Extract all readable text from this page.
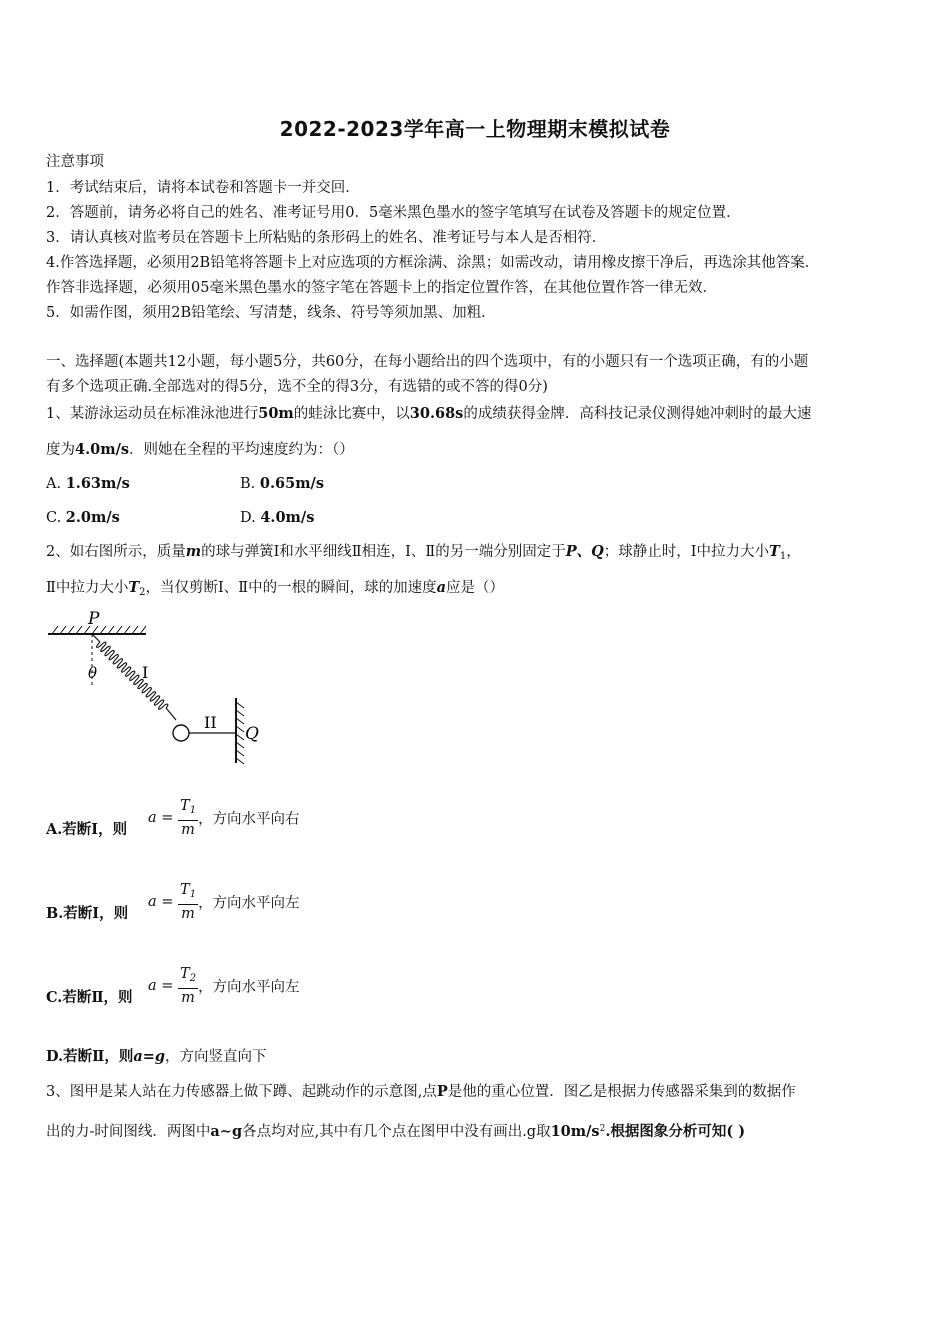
2022-2023学年高一上物理期末模拟试卷
注意事项
1．考试结束后，请将本试卷和答题卡一并交回．
2．答题前，请务必将自己的姓名、准考证号用0．5毫米黑色墨水的签字笔填写在试卷及答题卡的规定位置．
3．请认真核对监考员在答题卡上所粘贴的条形码上的姓名、准考证号与本人是否相符．
4.作答选择题，必须用2B铅笔将答题卡上对应选项的方框涂满、涂黑；如需改动，请用橡皮擦干净后，再选涂其他答案．
作答非选择题，必须用05毫米黑色墨水的签字笔在答题卡上的指定位置作答，在其他位置作答一律无效．
5．如需作图，须用2B铅笔绘、写清楚，线条、符号等须加黑、加粗．
一、选择题(本题共12小题，每小题5分，共60分，在每小题给出的四个选项中，有的小题只有一个选项正确，有的小题
有多个选项正确.全部选对的得5分，选不全的得3分，有选错的或不答的得0分)
1、某游泳运动员在标准泳池进行50m的蛙泳比赛中，以30.68s的成绩获得金牌．高科技记录仪测得她冲刺时的最大速
度为4.0m/s．则她在全程的平均速度约为：（）
A. 1.63m/s	B. 0.65m/s
C. 2.0m/s	D. 4.0m/s
2、如右图所示，质量m的球与弹簧Ⅰ和水平细线Ⅱ相连，Ⅰ、Ⅱ的另一端分别固定于P、Q；球静止时，Ⅰ中拉力大小$T_1$，
Ⅱ中拉力大小$T_2$，当仅剪断Ⅰ、Ⅱ中的一根的瞬间，球的加速度a应是（）
P
θ	I
II
Q
A.若断Ⅰ，则
$a = \frac{T_1}{m}$ ，方向水平向右
B.若断Ⅰ，则
$a = \frac{T_1}{m}$ ，方向水平向左
C.若断Ⅱ，则
$a = \frac{T_2}{m}$ ，方向水平向左
D.若断Ⅱ，则a=g，方向竖直向下
3、图甲是某人站在力传感器上做下蹲、起跳动作的示意图,点P是他的重心位置．图乙是根据力传感器采集到的数据作
出的力-时间图线．两图中a∼g各点均对应,其中有几个点在图甲中没有画出.g取$10m/s^2$.根据图象分析可知( )
